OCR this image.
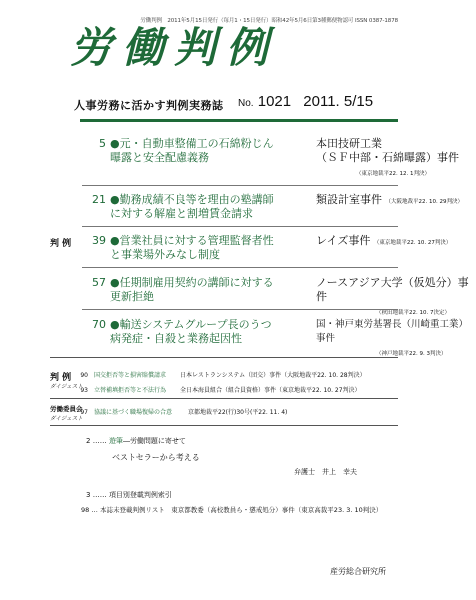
労働判例　2011年5月15日発行（毎月1・15日発行）昭和42年5月6日第3種郵便物認可 ISSN 0387-1878
労働判例
人事労務に活かす判例実務誌 No. 1021 2011. 5/15
判 例
5 ●元・自動車整備工の石綿粉じん
曝露と安全配慮義務
本田技研工業
（ＳＦ中部・石綿曝露）事件
（東京地裁平22. 12. 1判決）
21 ●勤務成績不良等を理由の塾講師
に対する解雇と割増賃金請求
類設計室事件 （大阪地裁平22. 10. 29判決）
39 ●営業社員に対する管理監督者性
と事業場外みなし制度
レイズ事件 （東京地裁平22. 10. 27判決）
57 ●任期制雇用契約の講師に対する
更新拒絶
ノースアジア大学（仮処分）事件
（秋田地裁平22. 10. 7決定）
70 ●輸送システムグループ長のうつ
病発症・自殺と業務起因性
国・神戸東労基署長（川崎重工業）事件
（神戸地裁平22. 9. 3判決）
判 例
ダイジェスト
90 国交拒否等と損害賠償請求 日本レストランシステム（団交）事件（大阪地裁平22. 10. 28判決）
93 立替補填拒否等と不法行為 全日本海員組合（組合員資格）事件（東京地裁平22. 10. 27判決）
労働委員会
ダイジェスト
97 協議に基づく職場復帰の合意	京都地裁平22(行)30号(平22. 11. 4)
2 …… 遊筆―労働問題に寄せて
ベストセラーから考える
弁護士　井上　幸夫
3 …… 項目別登載判例索引
98 … 本誌未登載判例リスト　東京都教委（高校教員ら・懲戒処分）事件（東京高裁平23. 3. 10判決）
産労総合研究所
